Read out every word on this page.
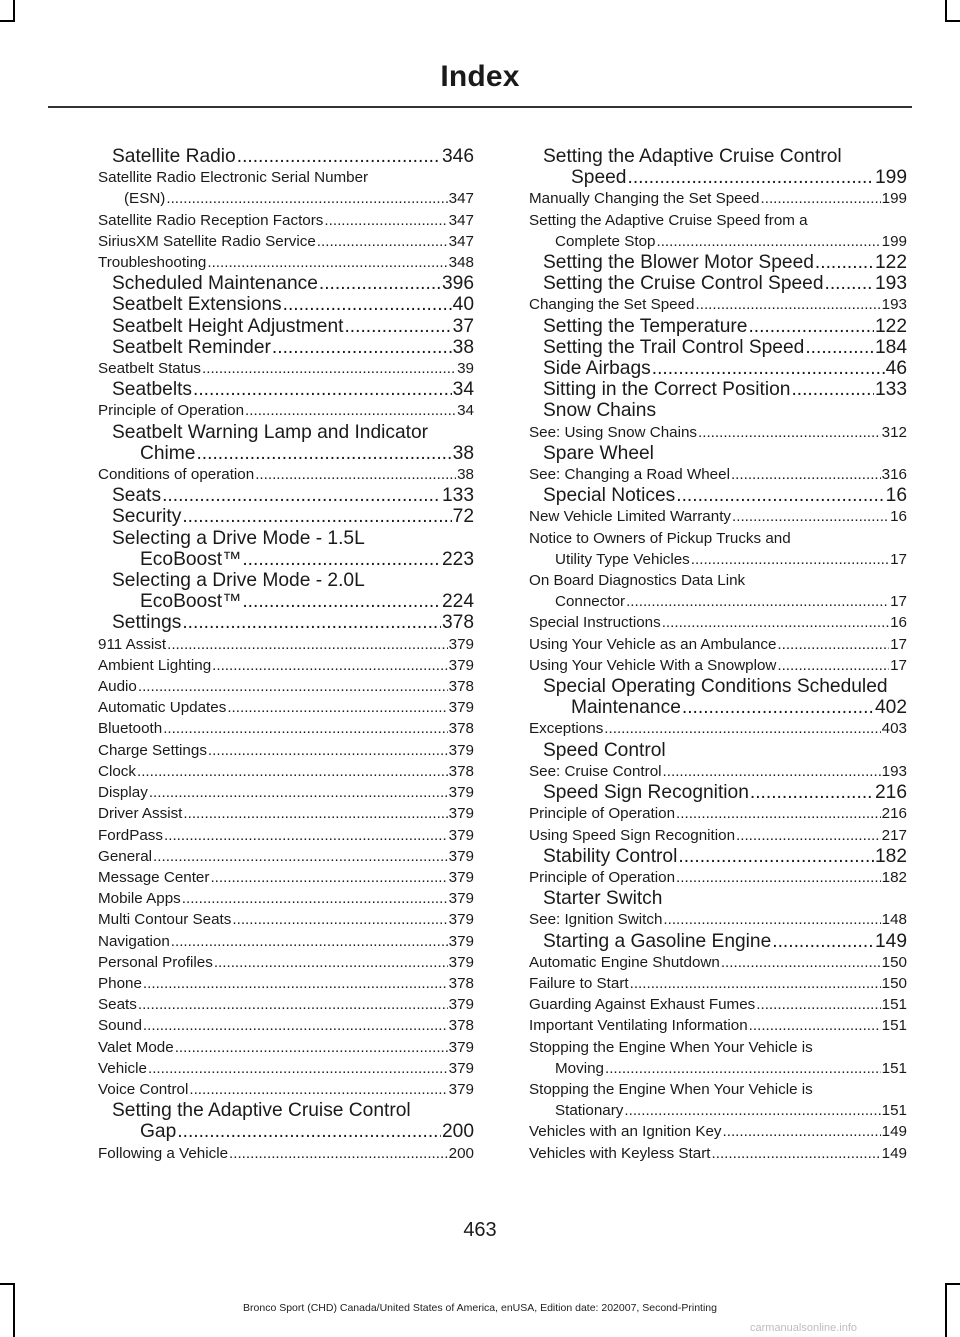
Index
Satellite Radio .....	346
Satellite Radio Electronic Serial Number
(ESN) .....	347
Satellite Radio Reception Factors .....	347
SiriusXM Satellite Radio Service .....	347
Troubleshooting .....	348
Scheduled Maintenance .....	396
Seatbelt Extensions .....	40
Seatbelt Height Adjustment .....	37
Seatbelt Reminder .....	38
Seatbelt Status .....	39
Seatbelts .....	34
Principle of Operation .....	34
Seatbelt Warning Lamp and Indicator
Chime .....	38
Conditions of operation .....	38
Seats .....	133
Security .....	72
Selecting a Drive Mode - 1.5L
EcoBoost™ .....	223
Selecting a Drive Mode - 2.0L
EcoBoost™ .....	224
Settings .....	378
911 Assist .....	379
Ambient Lighting .....	379
Audio .....	378
Automatic Updates .....	379
Bluetooth .....	378
Charge Settings .....	379
Clock .....	378
Display .....	379
Driver Assist .....	379
FordPass .....	379
General .....	379
Message Center .....	379
Mobile Apps .....	379
Multi Contour Seats .....	379
Navigation .....	379
Personal Profiles .....	379
Phone .....	378
Seats .....	379
Sound .....	378
Valet Mode .....	379
Vehicle .....	379
Voice Control .....	379
Setting the Adaptive Cruise Control
Gap .....	200
Following a Vehicle .....	200
Setting the Adaptive Cruise Control
Speed .....	199
Manually Changing the Set Speed .....	199
Setting the Adaptive Cruise Speed from a
Complete Stop .....	199
Setting the Blower Motor Speed .....	122
Setting the Cruise Control Speed .....	193
Changing the Set Speed .....	193
Setting the Temperature .....	122
Setting the Trail Control Speed .....	184
Side Airbags .....	46
Sitting in the Correct Position .....	133
Snow Chains
See: Using Snow Chains .....	312
Spare Wheel
See: Changing a Road Wheel .....	316
Special Notices .....	16
New Vehicle Limited Warranty .....	16
Notice to Owners of Pickup Trucks and
Utility Type Vehicles .....	17
On Board Diagnostics Data Link
Connector .....	17
Special Instructions .....	16
Using Your Vehicle as an Ambulance .....	17
Using Your Vehicle With a Snowplow .....	17
Special Operating Conditions Scheduled
Maintenance .....	402
Exceptions .....	403
Speed Control
See: Cruise Control .....	193
Speed Sign Recognition .....	216
Principle of Operation .....	216
Using Speed Sign Recognition .....	217
Stability Control .....	182
Principle of Operation .....	182
Starter Switch
See: Ignition Switch .....	148
Starting a Gasoline Engine .....	149
Automatic Engine Shutdown .....	150
Failure to Start .....	150
Guarding Against Exhaust Fumes .....	151
Important Ventilating Information .....	151
Stopping the Engine When Your Vehicle is
Moving .....	151
Stopping the Engine When Your Vehicle is
Stationary .....	151
Vehicles with an Ignition Key .....	149
Vehicles with Keyless Start .....	149
463
Bronco Sport (CHD) Canada/United States of America, enUSA, Edition date: 202007, Second-Printing
carmanualsonline.info
